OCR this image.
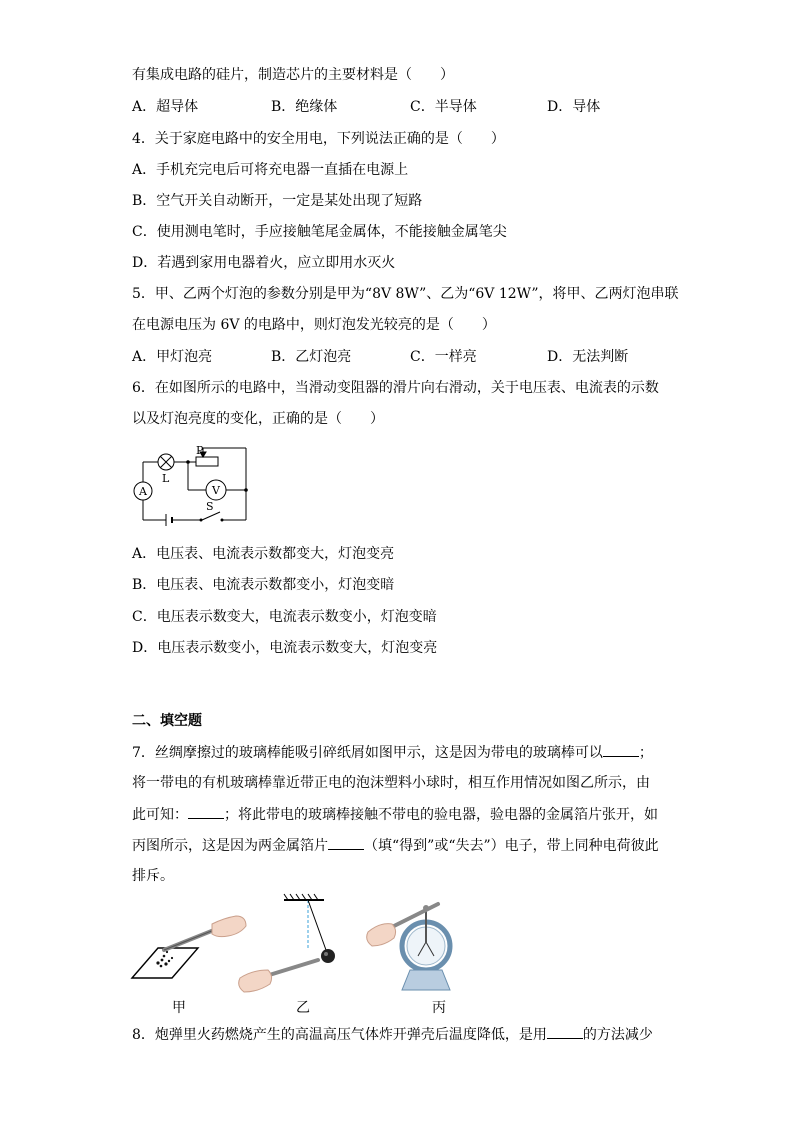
有集成电路的硅片，制造芯片的主要材料是（　　）
A．超导体	B．绝缘体	C．半导体	D．导体
4．关于家庭电路中的安全用电，下列说法正确的是（　　）
A．手机充完电后可将充电器一直插在电源上
B．空气开关自动断开，一定是某处出现了短路
C．使用测电笔时，手应接触笔尾金属体，不能接触金属笔尖
D．若遇到家用电器着火，应立即用水灭火
5．甲、乙两个灯泡的参数分别是甲为“8V 8W”、乙为“6V 12W”，将甲、乙两灯泡串联
在电源电压为 6V 的电路中，则灯泡发光较亮的是（　　）
A．甲灯泡亮	B．乙灯泡亮	C．一样亮	D．无法判断
6．在如图所示的电路中，当滑动变阻器的滑片向右滑动，关于电压表、电流表的示数
以及灯泡亮度的变化，正确的是（　　）
A
L
P
V
S
A．电压表、电流表示数都变大，灯泡变亮
B．电压表、电流表示数都变小，灯泡变暗
C．电压表示数变大，电流表示数变小，灯泡变暗
D．电压表示数变小，电流表示数变大，灯泡变亮
二、填空题
7．丝绸摩擦过的玻璃棒能吸引碎纸屑如图甲示，这是因为带电的玻璃棒可以	；
将一带电的有机玻璃棒靠近带正电的泡沫塑料小球时，相互作用情况如图乙所示，由
此可知：	；将此带电的玻璃棒接触不带电的验电器，验电器的金属箔片张开，如
丙图所示，这是因为两金属箔片	（填“得到”或“失去”）电子，带上同种电荷彼此
排斥。
甲	乙	丙
8．炮弹里火药燃烧产生的高温高压气体炸开弹壳后温度降低，是用	的方法减少
